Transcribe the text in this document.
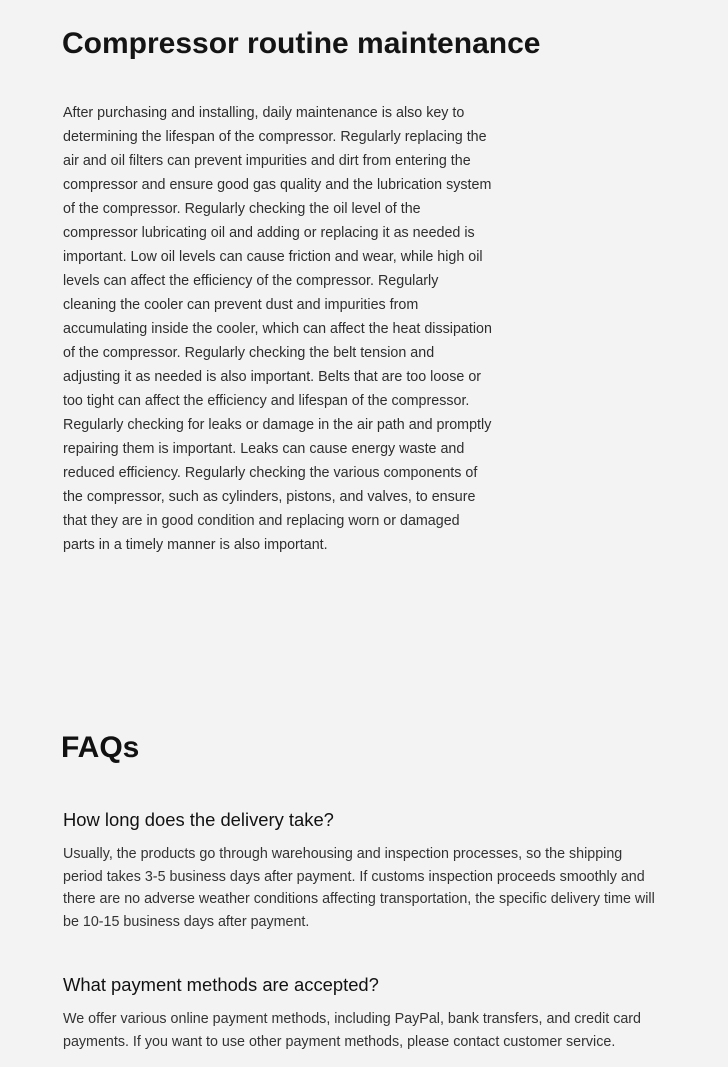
Compressor routine maintenance

After purchasing and installing, daily maintenance is also key to determining the lifespan of the compressor. Regularly replacing the air and oil filters can prevent impurities and dirt from entering the compressor and ensure good gas quality and the lubrication system of the compressor. Regularly checking the oil level of the compressor lubricating oil and adding or replacing it as needed is important. Low oil levels can cause friction and wear, while high oil levels can affect the efficiency of the compressor. Regularly cleaning the cooler can prevent dust and impurities from accumulating inside the cooler, which can affect the heat dissipation of the compressor. Regularly checking the belt tension and adjusting it as needed is also important. Belts that are too loose or too tight can affect the efficiency and lifespan of the compressor. Regularly checking for leaks or damage in the air path and promptly repairing them is important. Leaks can cause energy waste and reduced efficiency. Regularly checking the various components of the compressor, such as cylinders, pistons, and valves, to ensure that they are in good condition and replacing worn or damaged parts in a timely manner is also important.

FAQs
How long does the delivery take?

Usually, the products go through warehousing and inspection processes, so the shipping period takes 3-5 business days after payment. If customs inspection proceeds smoothly and there are no adverse weather conditions affecting transportation, the specific delivery time will be 10-15 business days after payment.

What payment methods are accepted?

We offer various online payment methods, including PayPal, bank transfers, and credit card payments. If you want to use other payment methods, please contact customer service.
